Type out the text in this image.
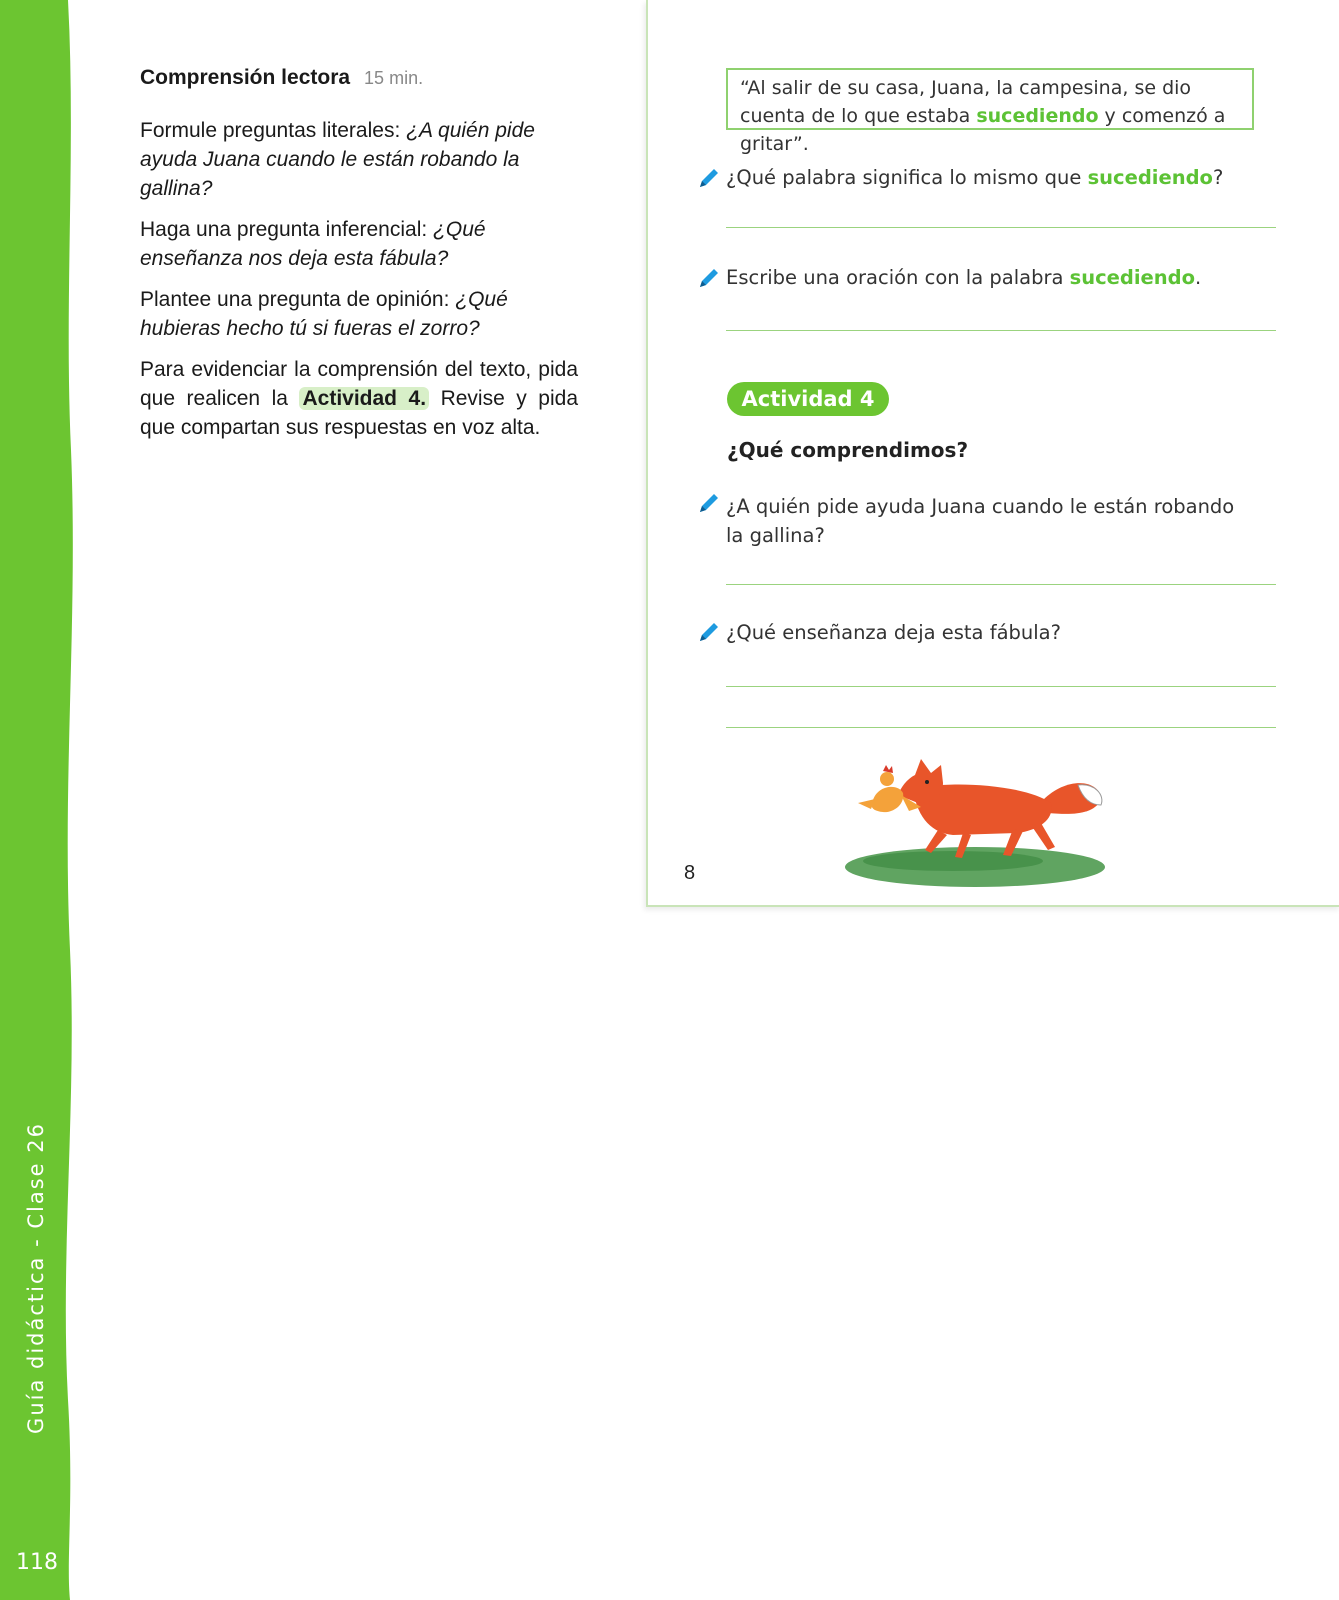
Guía didáctica - Clase 26
118
Comprensión lectora 15 min.

Formule preguntas literales: ¿A quién pide ayuda Juana cuando le están robando la gallina?

Haga una pregunta inferencial: ¿Qué enseñanza nos deja esta fábula?

Plantee una pregunta de opinión: ¿Qué hubieras hecho tú si fueras el zorro?

Para evidenciar la comprensión del texto, pida que realicen la Actividad 4. Revise y pida que compartan sus respuestas en voz alta.

“Al salir de su casa, Juana, la campesina, se dio cuenta de lo que estaba sucediendo y comenzó a gritar”.
¿Qué palabra significa lo mismo que sucediendo?
Escribe una oración con la palabra sucediendo.
Actividad 4
¿Qué comprendimos?
¿A quién pide ayuda Juana cuando le están robando la gallina?
¿Qué enseñanza deja esta fábula?
8
